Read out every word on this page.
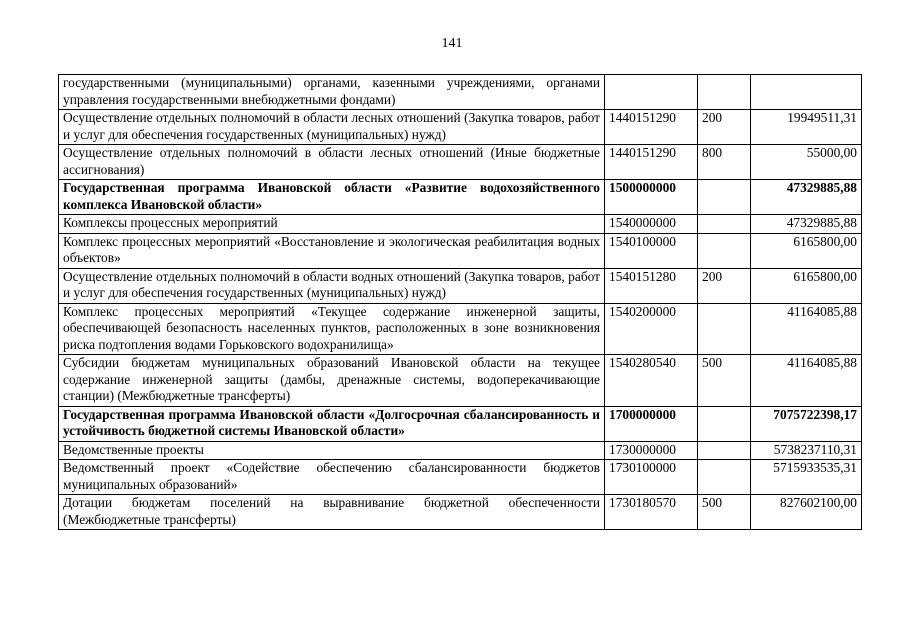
141
государственными (муниципальными) органами, казенными учреждениями, органами управления государственными внебюджетными фондами)			
Осуществление отдельных полномочий в области лесных отношений (Закупка товаров, работ и услуг для обеспечения государственных (муниципальных) нужд)	1440151290	200	19949511,31
Осуществление отдельных полномочий в области лесных отношений (Иные бюджетные ассигнования)	1440151290	800	55000,00
Государственная программа Ивановской области «Развитие водохозяйственного комплекса Ивановской области»	1500000000		47329885,88
Комплексы процессных мероприятий	1540000000		47329885,88
Комплекс процессных мероприятий «Восстановление и экологическая реабилитация водных объектов»	1540100000		6165800,00
Осуществление отдельных полномочий в области водных отношений (Закупка товаров, работ и услуг для обеспечения государственных (муниципальных) нужд)	1540151280	200	6165800,00
Комплекс процессных мероприятий «Текущее содержание инженерной защиты, обеспечивающей безопасность населенных пунктов, расположенных в зоне возникновения риска подтопления водами Горьковского водохранилища»	1540200000		41164085,88
Субсидии бюджетам муниципальных образований Ивановской области на текущее содержание инженерной защиты (дамбы, дренажные системы, водоперекачивающие станции) (Межбюджетные трансферты)	1540280540	500	41164085,88
Государственная программа Ивановской области «Долгосрочная сбалансированность и устойчивость бюджетной системы Ивановской области»	1700000000		7075722398,17
Ведомственные проекты	1730000000		5738237110,31
Ведомственный проект «Содействие обеспечению сбалансированности бюджетов муниципальных образований»	1730100000		5715933535,31
Дотации бюджетам поселений на выравнивание бюджетной обеспеченности (Межбюджетные трансферты)	1730180570	500	827602100,00
